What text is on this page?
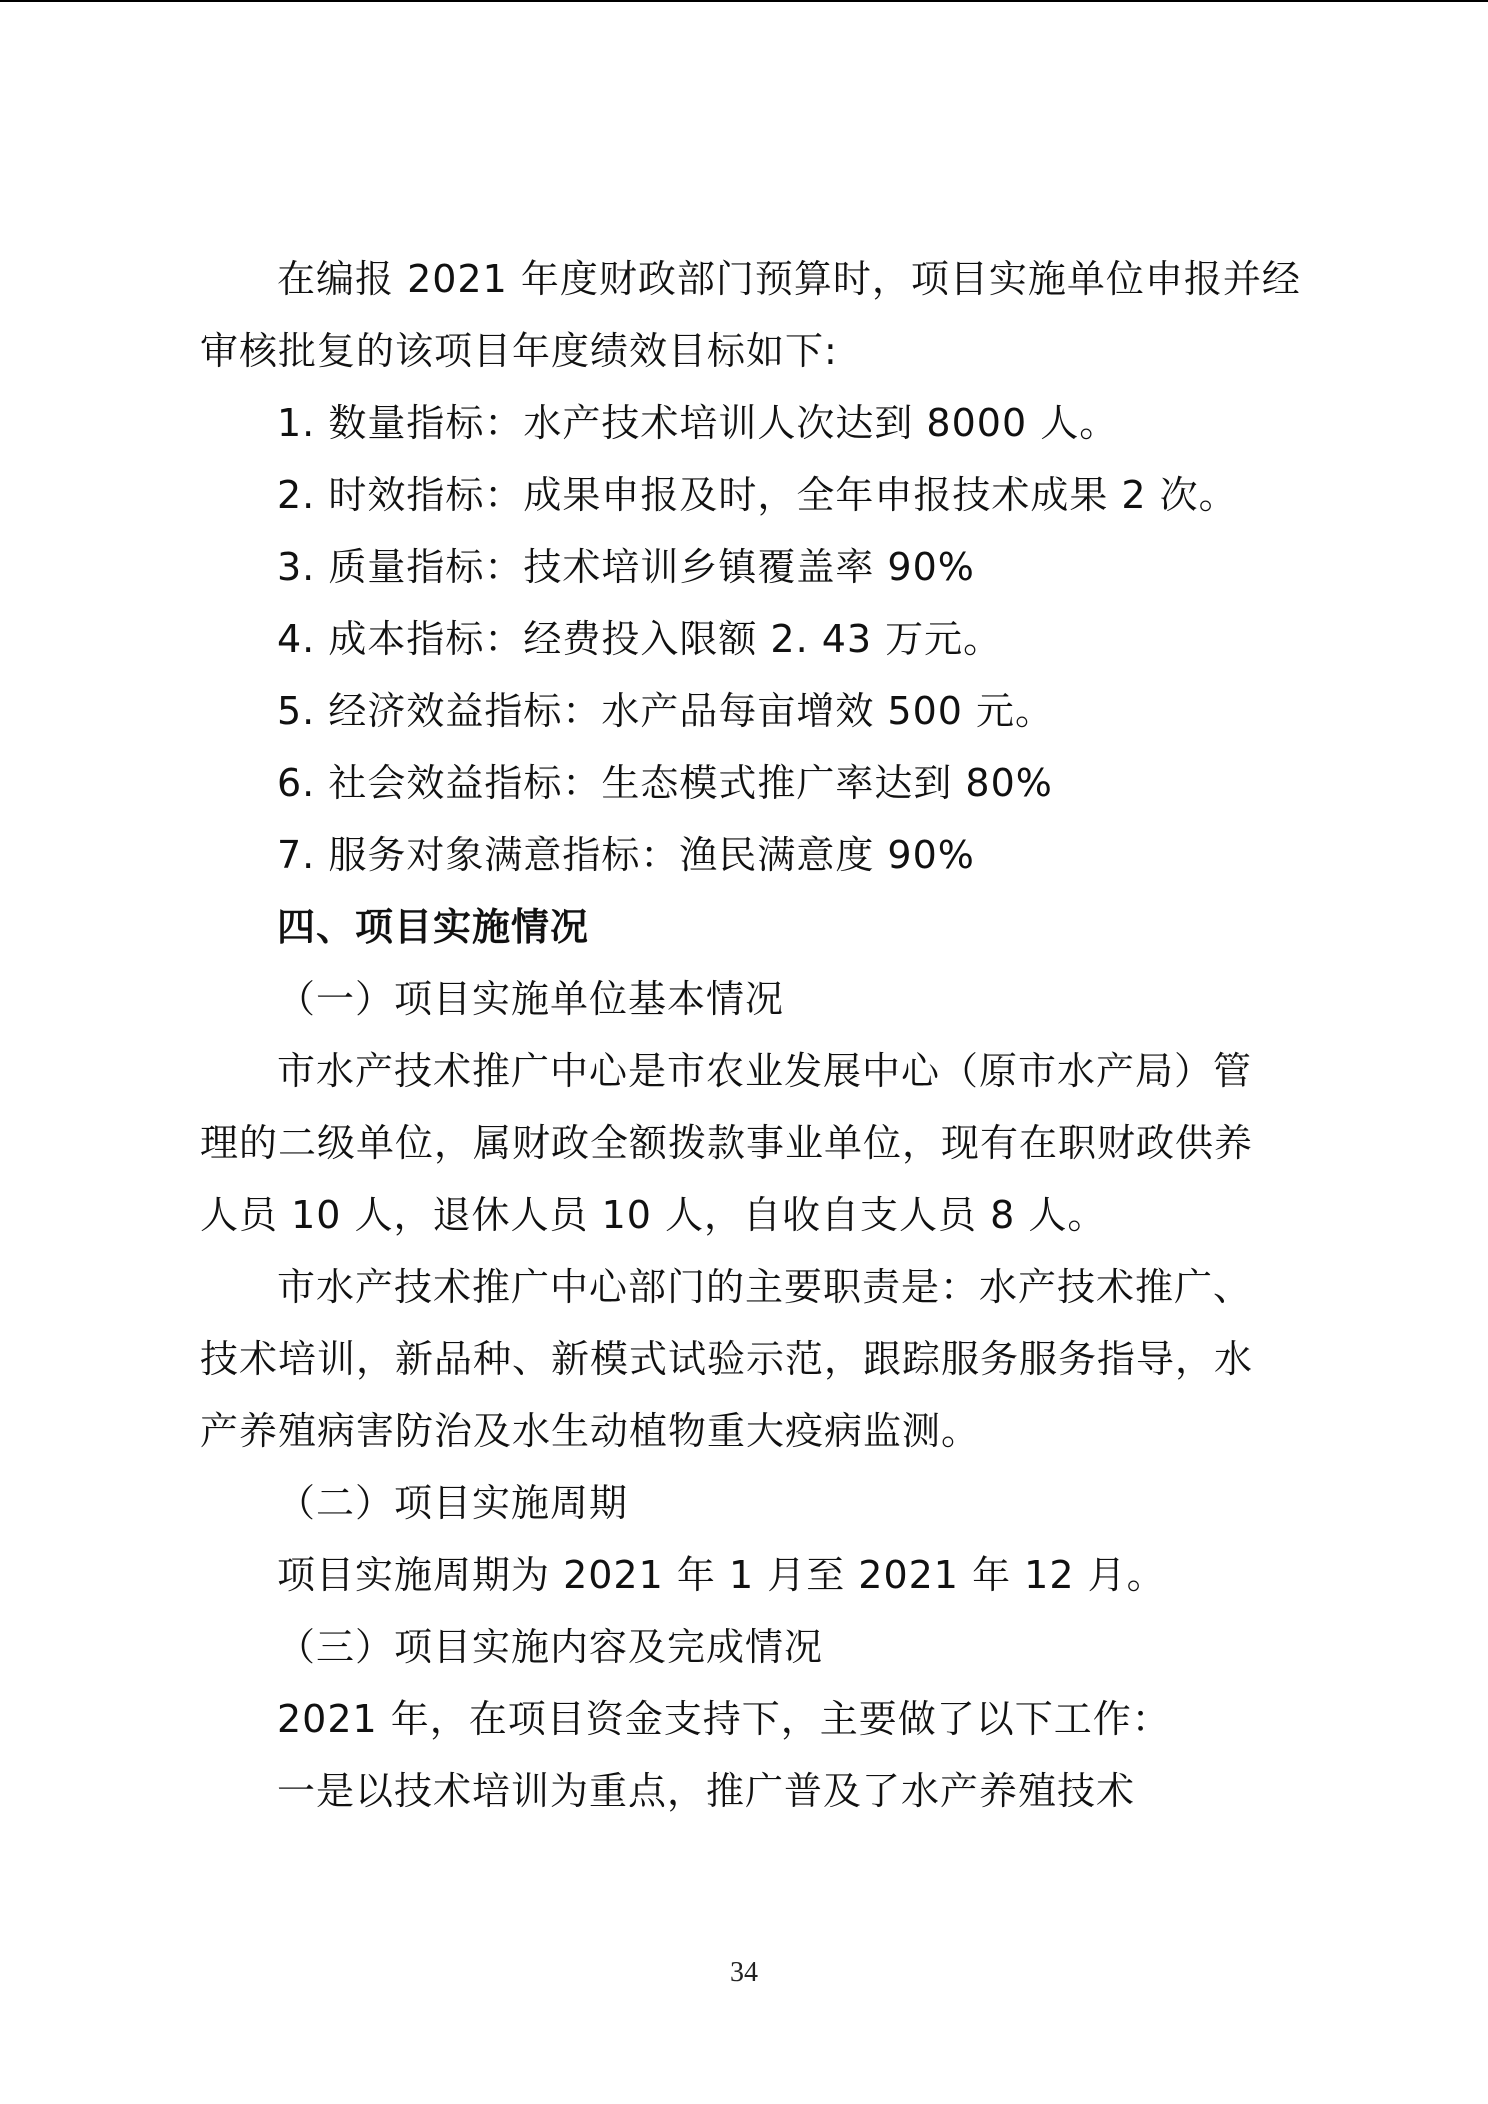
在编报 2021 年度财政部门预算时，项目实施单位申报并经
审核批复的该项目年度绩效目标如下:
1. 数量指标：水产技术培训人次达到 8000 人。
2. 时效指标：成果申报及时，全年申报技术成果 2 次。
3. 质量指标：技术培训乡镇覆盖率 90%
4. 成本指标：经费投入限额 2. 43 万元。
5. 经济效益指标：水产品每亩增效 500 元。
6. 社会效益指标：生态模式推广率达到 80%
7. 服务对象满意指标：渔民满意度 90%
四、项目实施情况
（一）项目实施单位基本情况
市水产技术推广中心是市农业发展中心（原市水产局）管
理的二级单位，属财政全额拨款事业单位，现有在职财政供养
人员 10 人，退休人员 10 人，自收自支人员 8 人。
市水产技术推广中心部门的主要职责是：水产技术推广、
技术培训，新品种、新模式试验示范，跟踪服务服务指导，水
产养殖病害防治及水生动植物重大疫病监测。
（二）项目实施周期
项目实施周期为 2021 年 1 月至 2021 年 12 月。
（三）项目实施内容及完成情况
2021 年，在项目资金支持下，主要做了以下工作：
一是以技术培训为重点，推广普及了水产养殖技术
34
